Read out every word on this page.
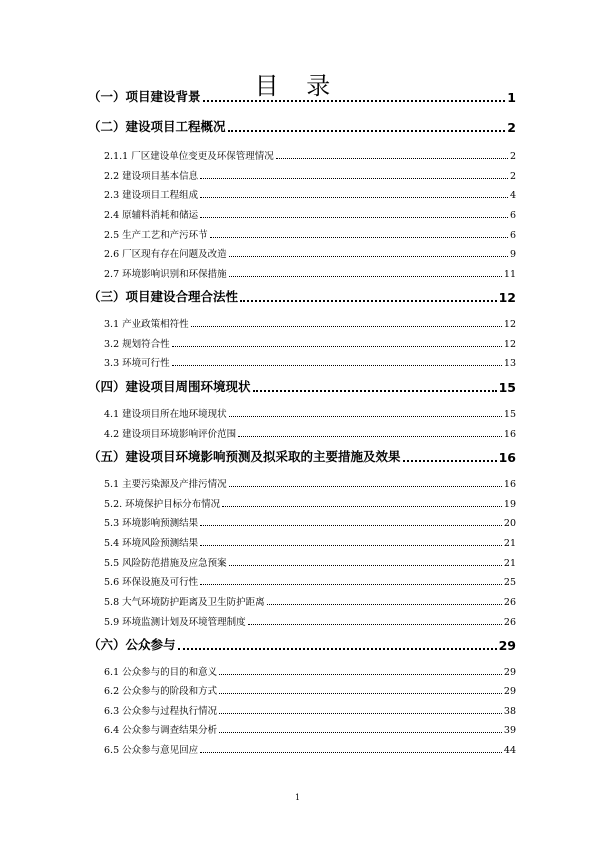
目 录
（一）项目建设背景	1
（二）建设项目工程概况	2
2.1.1 厂区建设单位变更及环保管理情况	2
2.2 建设项目基本信息	2
2.3 建设项目工程组成	4
2.4 原辅料消耗和储运	6
2.5 生产工艺和产污环节	6
2.6 厂区现有存在问题及改造	9
2.7 环境影响识别和环保措施	11
（三）项目建设合理合法性	12
3.1 产业政策相符性	12
3.2 规划符合性	12
3.3 环境可行性	13
（四）建设项目周围环境现状	15
4.1 建设项目所在地环境现状	15
4.2 建设项目环境影响评价范围	16
（五）建设项目环境影响预测及拟采取的主要措施及效果	16
5.1 主要污染源及产排污情况	16
5.2. 环境保护目标分布情况	19
5.3 环境影响预测结果	20
5.4 环境风险预测结果	21
5.5 风险防范措施及应急预案	21
5.6 环保设施及可行性	25
5.8 大气环境防护距离及卫生防护距离	26
5.9 环境监测计划及环境管理制度	26
（六）公众参与	29
6.1 公众参与的目的和意义	29
6.2 公众参与的阶段和方式	29
6.3 公众参与过程执行情况	38
6.4 公众参与调查结果分析	39
6.5 公众参与意见回应	44
1
